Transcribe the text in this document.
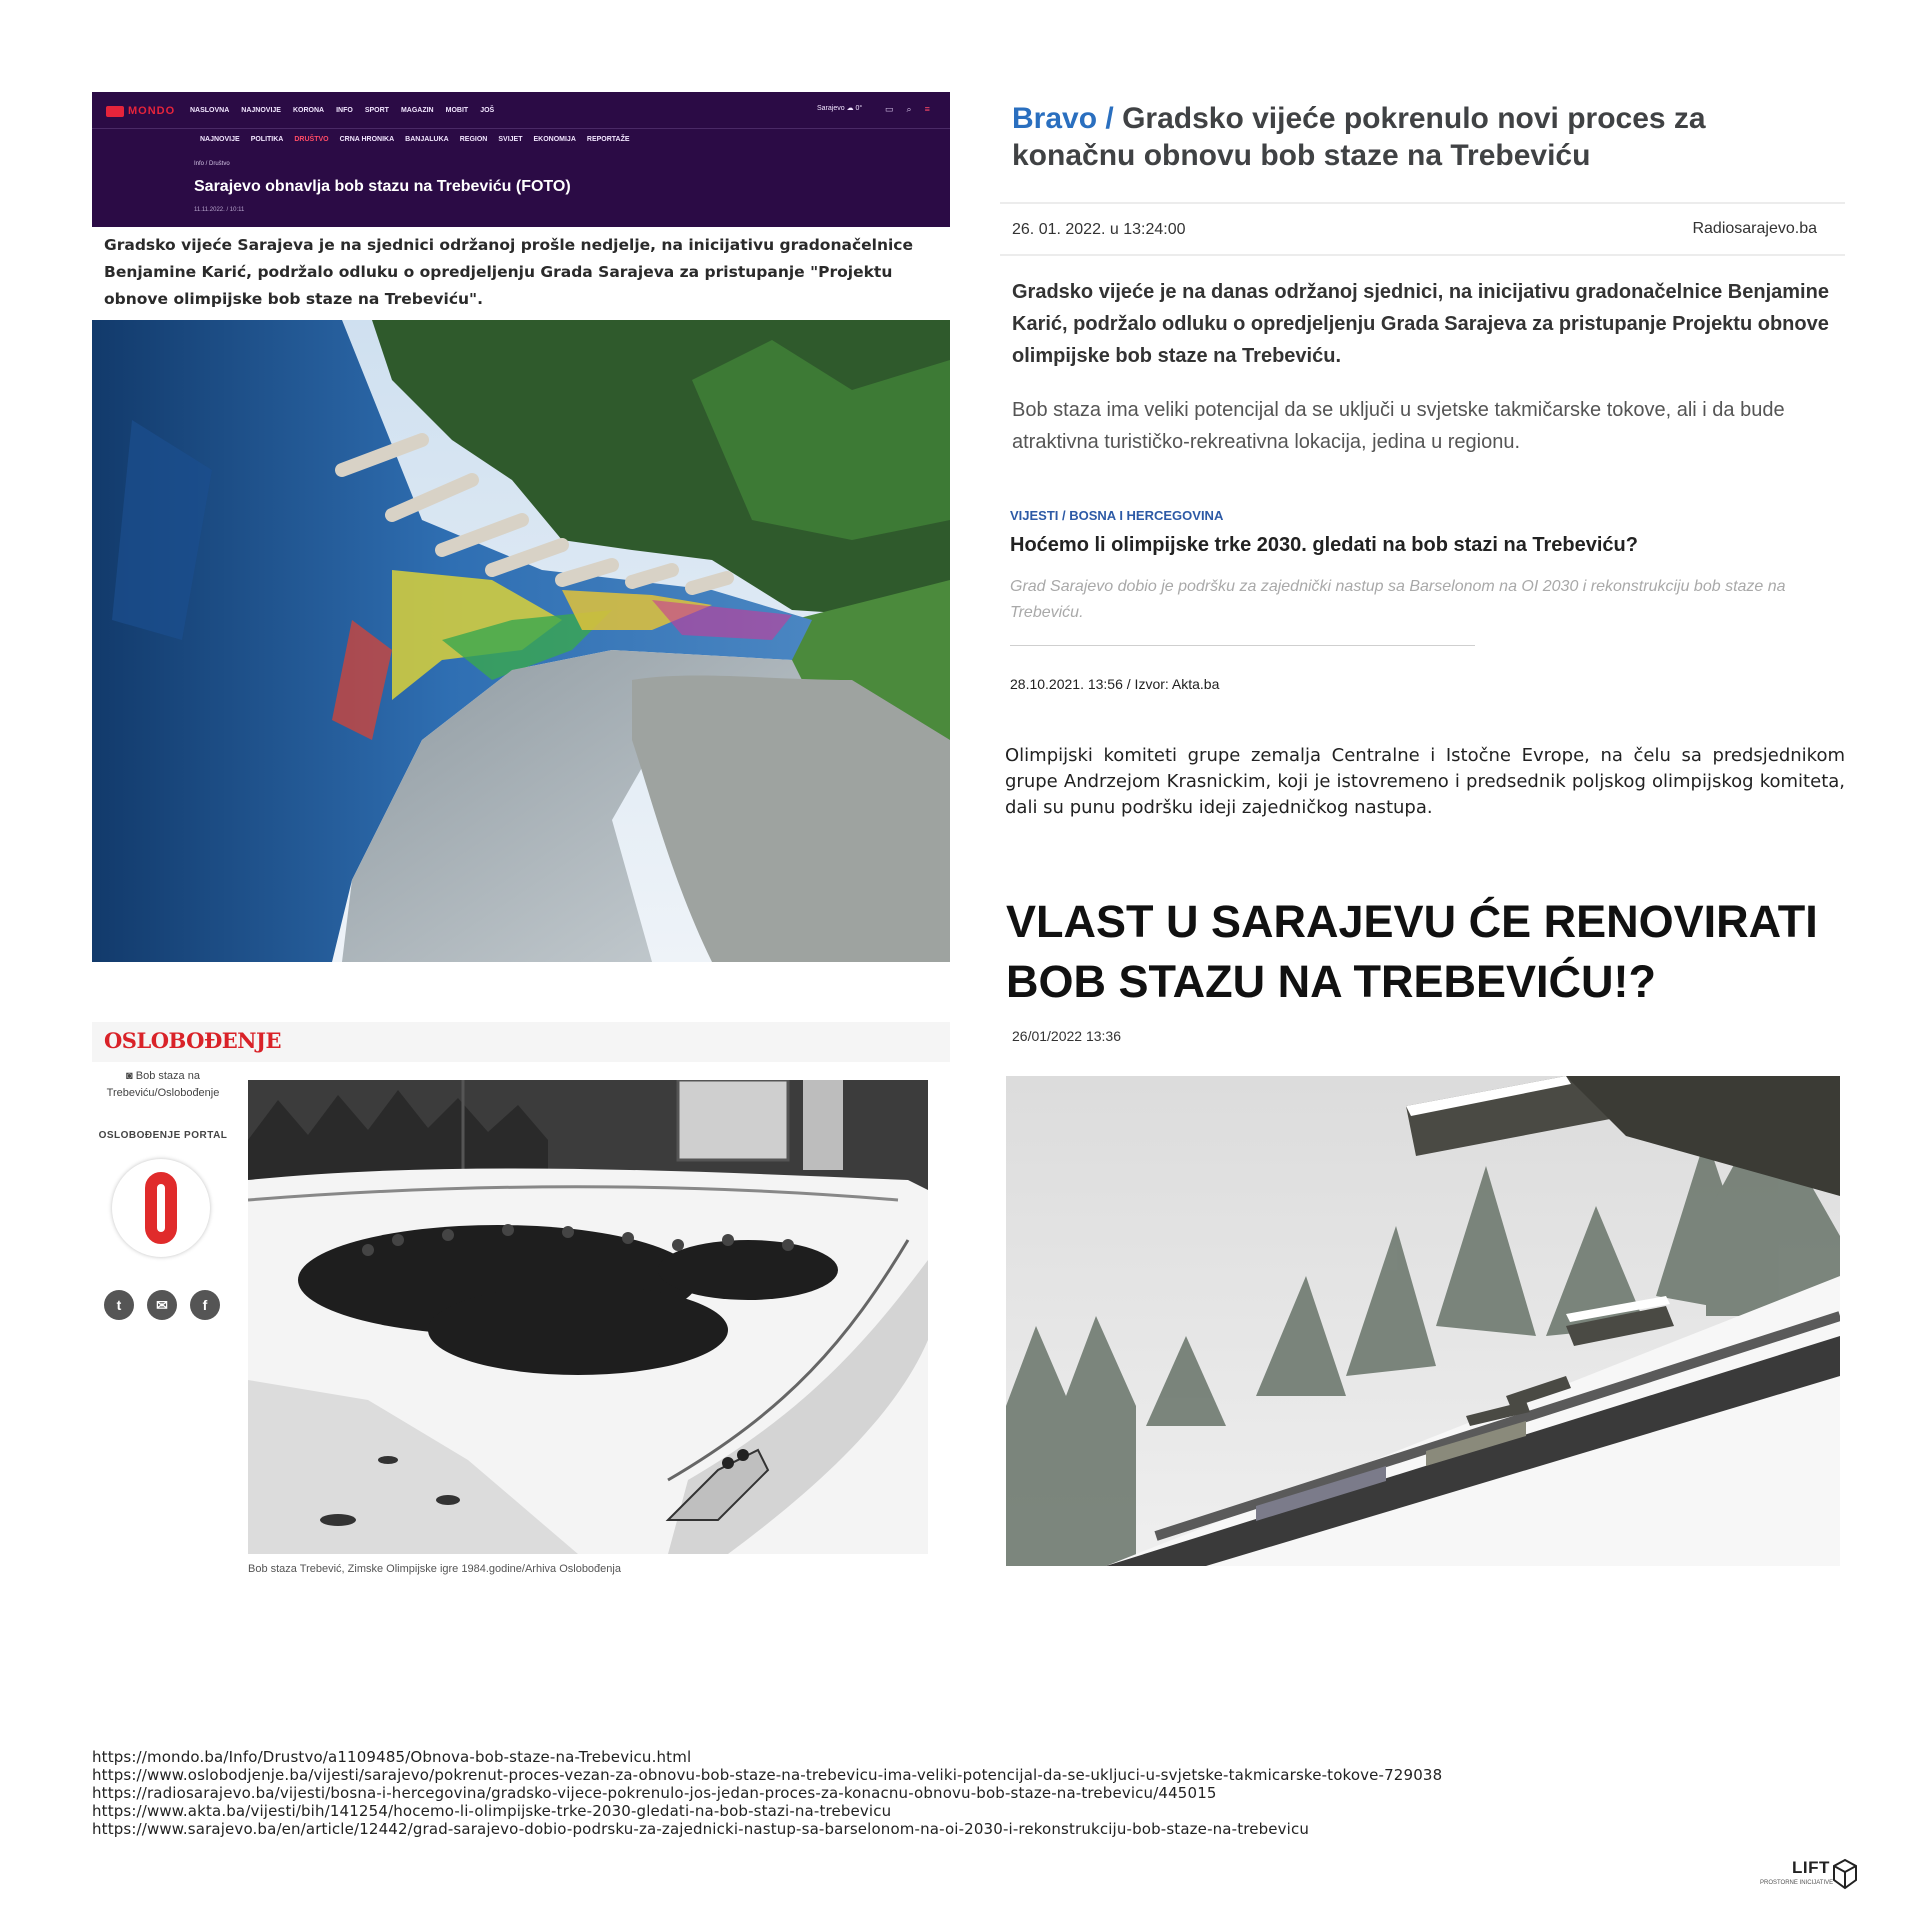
MONDO NASLOVNA NAJNOVIJE KORONA INFO SPORT MAGAZIN MOBIT JOŠ	Sarajevo ☁ 0°	▭ ⌕ ≡
NAJNOVIJE POLITIKA DRUŠTVO CRNA HRONIKA BANJALUKA REGION SVIJET EKONOMIJA REPORTAŽE
Info / Društvo
Sarajevo obnavlja bob stazu na Trebeviću (FOTO)
11.11.2022. / 10:11
Gradsko vijeće Sarajeva je na sjednici održanoj prošle nedjelje, na inicijativu gradonačelnice Benjamine Karić, podržalo odluku o opredjeljenju Grada Sarajeva za pristupanje "Projektu obnove olimpijske bob staze na Trebeviću".
Bravo / Gradsko vijeće pokrenulo novi proces za konačnu obnovu bob staze na Trebeviću
26. 01. 2022. u 13:24:00	Radiosarajevo.ba
Gradsko vijeće je na danas održanoj sjednici, na inicijativu gradonačelnice Benjamine Karić, podržalo odluku o opredjeljenju Grada Sarajeva za pristupanje Projektu obnove olimpijske bob staze na Trebeviću.
Bob staza ima veliki potencijal da se uključi u svjetske takmičarske tokove, ali i da bude atraktivna turističko-rekreativna lokacija, jedina u regionu.
VIJESTI / BOSNA I HERCEGOVINA
Hoćemo li olimpijske trke 2030. gledati na bob stazi na Trebeviću?
Grad Sarajevo dobio je podršku za zajednički nastup sa Barselonom na OI 2030 i rekonstrukciju bob staze na Trebeviću.
28.10.2021. 13:56 / Izvor: Akta.ba
Olimpijski komiteti grupe zemalja Centralne i Istočne Evrope, na čelu sa predsjednikom grupe Andrzejom Krasnickim, koji je istovremeno i predsednik poljskog olimpijskog komiteta, dali su punu podršku ideji zajedničkog nastupa.
OSLOBOĐENJE
◙ Bob staza na Trebeviću/Oslobođenje
OSLOBOĐENJE PORTAL
t	✉	f
Bob staza Trebević, Zimske Olimpijske igre 1984.godine/Arhiva Oslobođenja
VLAST U SARAJEVU ĆE RENOVIRATI BOB STAZU NA TREBEVIĆU!?
26/01/2022 13:36
https://mondo.ba/Info/Drustvo/a1109485/Obnova-bob-staze-na-Trebevicu.html
https://www.oslobodjenje.ba/vijesti/sarajevo/pokrenut-proces-vezan-za-obnovu-bob-staze-na-trebevicu-ima-veliki-potencijal-da-se-ukljuci-u-svjetske-takmicarske-tokove-729038
https://radiosarajevo.ba/vijesti/bosna-i-hercegovina/gradsko-vijece-pokrenulo-jos-jedan-proces-za-konacnu-obnovu-bob-staze-na-trebevicu/445015
https://www.akta.ba/vijesti/bih/141254/hocemo-li-olimpijske-trke-2030-gledati-na-bob-stazi-na-trebevicu
https://www.sarajevo.ba/en/article/12442/grad-sarajevo-dobio-podrsku-za-zajednicki-nastup-sa-barselonom-na-oi-2030-i-rekonstrukciju-bob-staze-na-trebevicu
LIFT
PROSTORNE INICIJATIVE
